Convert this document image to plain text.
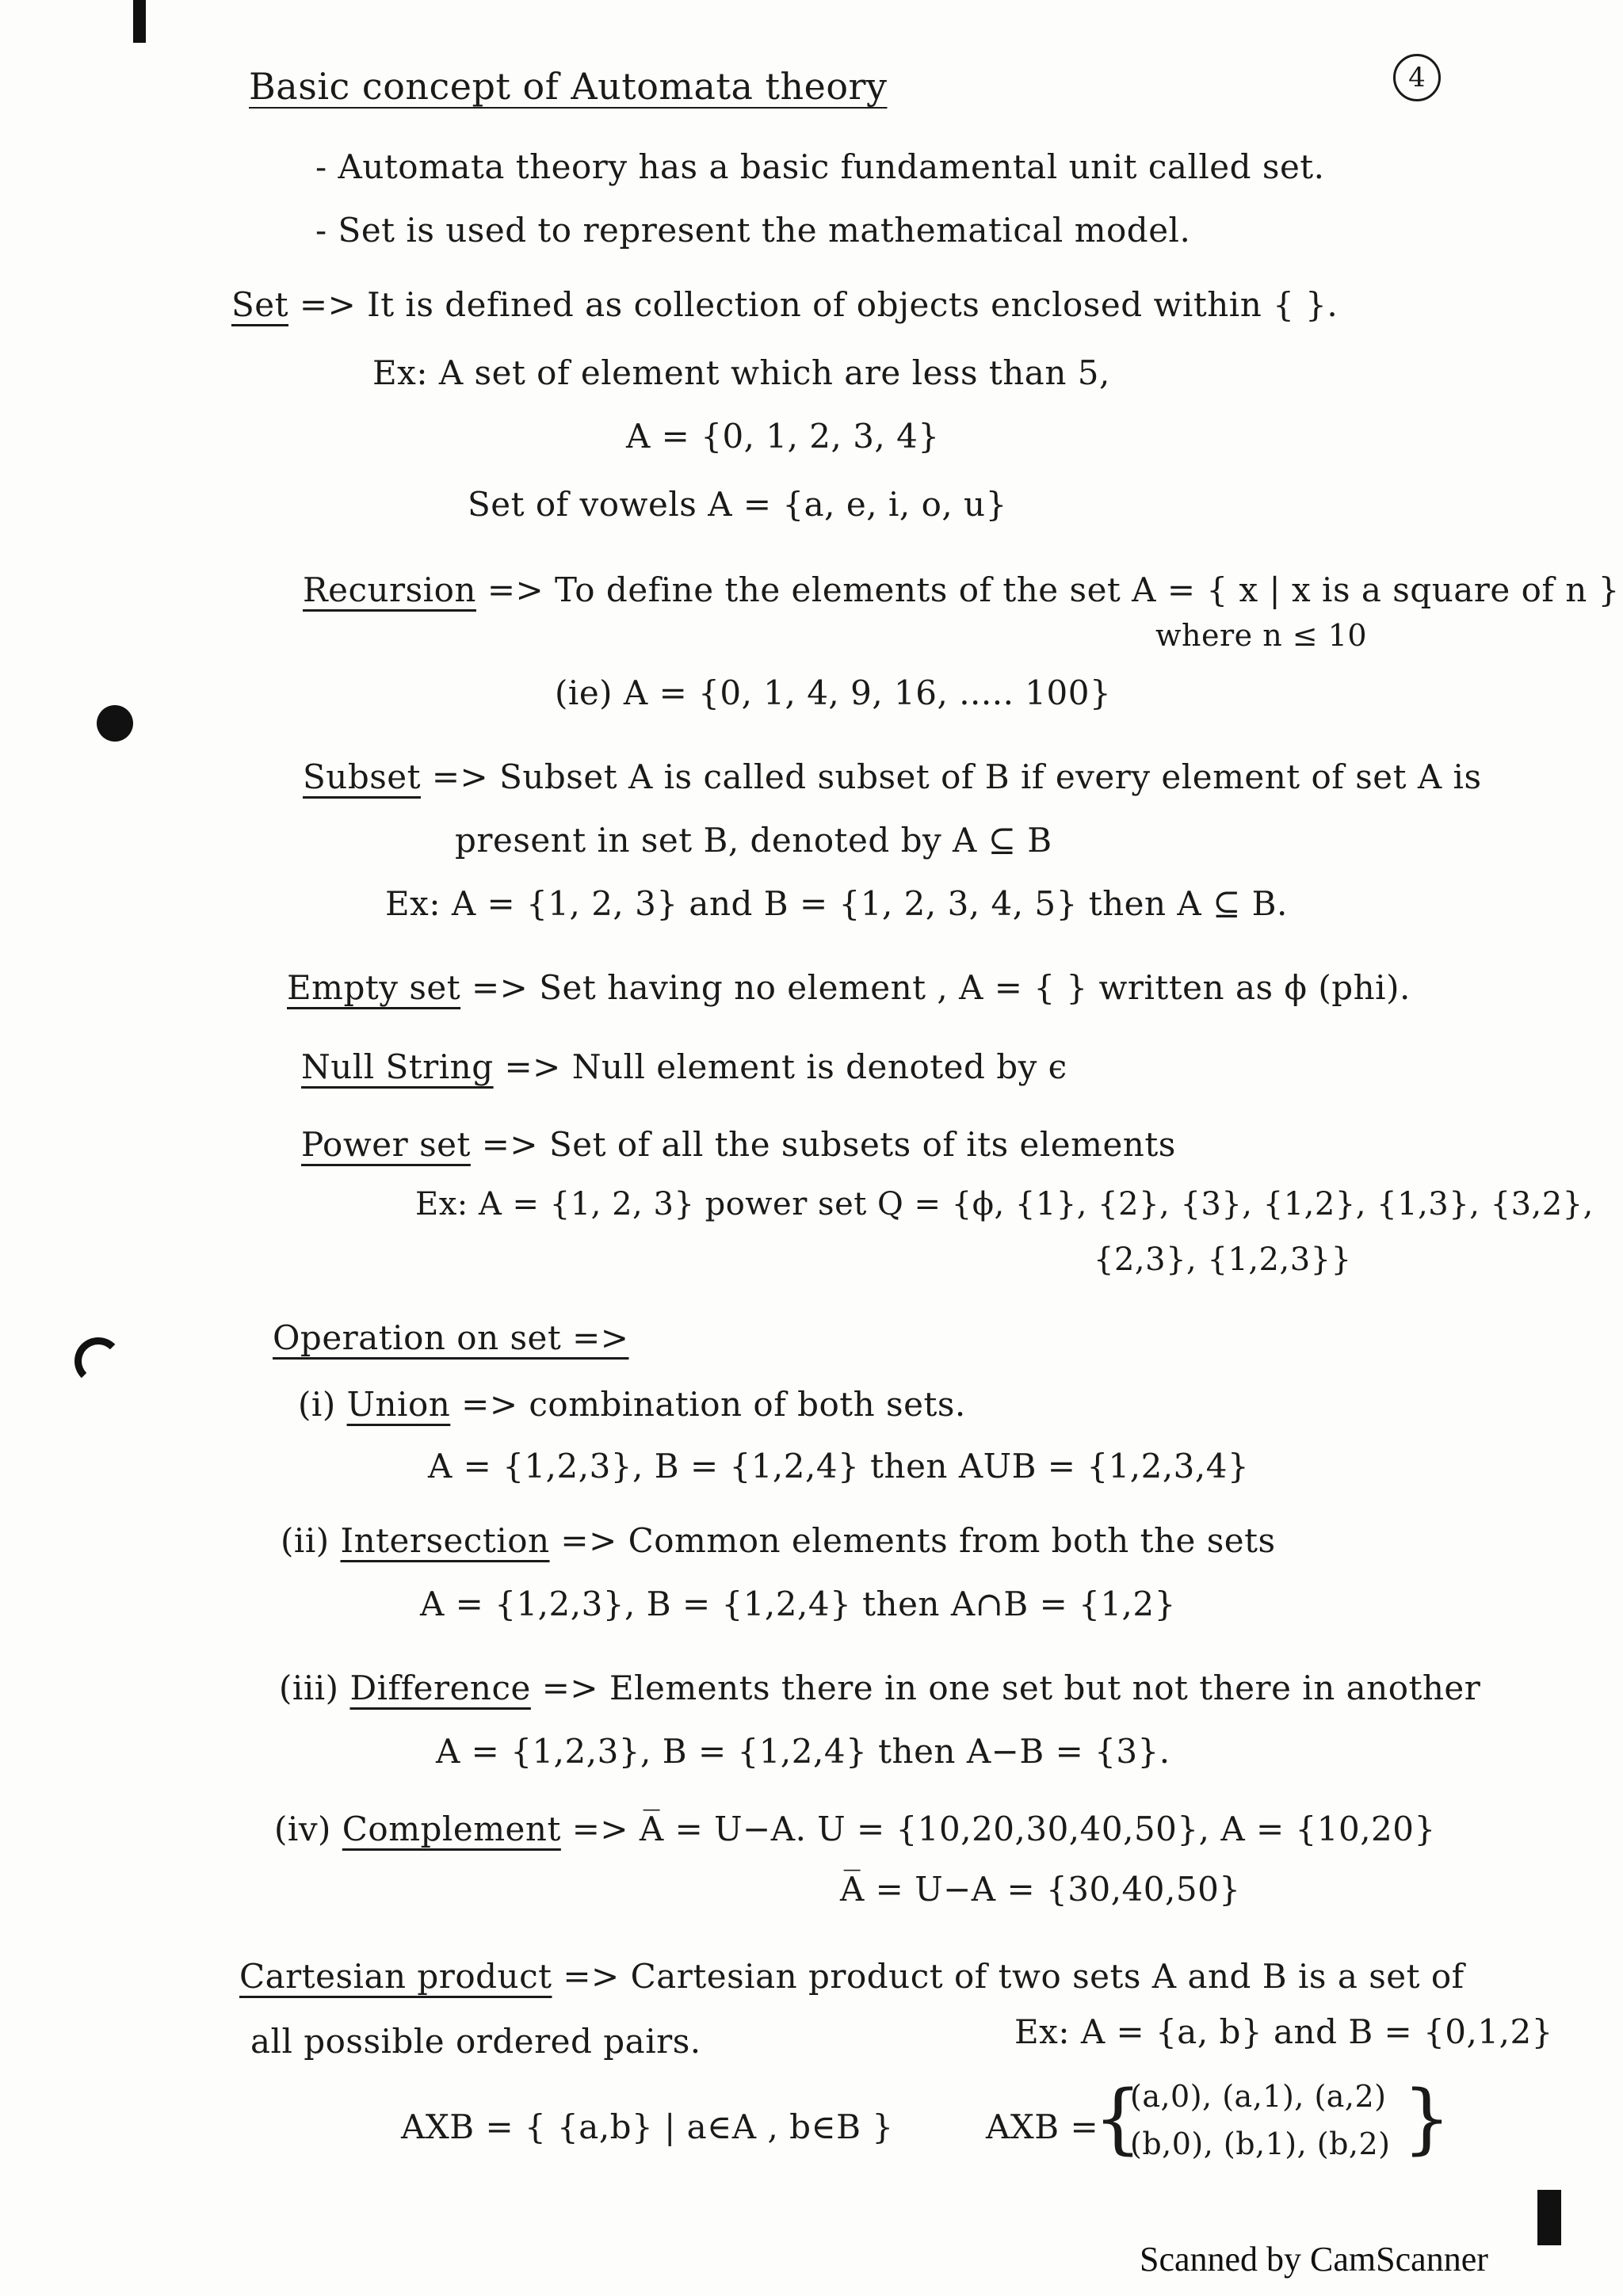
Basic concept of Automata theory	4
- Automata theory has a basic fundamental unit called set.
- Set is used to represent the mathematical model.
Set => It is defined as collection of objects enclosed within { }.
Ex: A set of element which are less than 5,
A = {0, 1, 2, 3, 4}
Set of vowels A = {a, e, i, o, u}
Recursion => To define the elements of the set A = { x | x is a square of n }
where n ≤ 10
(ie) A = {0, 1, 4, 9, 16, ..... 100}
Subset => Subset A is called subset of B if every element of set A is
present in set B, denoted by A ⊆ B
Ex: A = {1, 2, 3} and B = {1, 2, 3, 4, 5} then A ⊆ B.
Empty set => Set having no element , A = { } written as ϕ (phi).
Null String => Null element is denoted by ϵ
Power set => Set of all the subsets of its elements
Ex: A = {1, 2, 3} power set Q = {ϕ, {1}, {2}, {3}, {1,2}, {1,3}, {3,2},
{2,3}, {1,2,3}}
Operation on set =>
(i) Union => combination of both sets.
A = {1,2,3}, B = {1,2,4} then AUB = {1,2,3,4}
(ii) Intersection => Common elements from both the sets
A = {1,2,3}, B = {1,2,4} then A∩B = {1,2}
(iii) Difference => Elements there in one set but not there in another
A = {1,2,3}, B = {1,2,4} then A−B = {3}.
(iv) Complement => A̅ = U−A. U = {10,20,30,40,50}, A = {10,20}
A̅ = U−A = {30,40,50}
Cartesian product => Cartesian product of two sets A and B is a set of
all possible ordered pairs.	Ex: A = {a, b} and B = {0,1,2}
AXB = { {a,b} | a∈A , b∈B }	AXB =
{
(a,0), (a,1), (a,2)
(b,0), (b,1), (b,2) }
Scanned by CamScanner
